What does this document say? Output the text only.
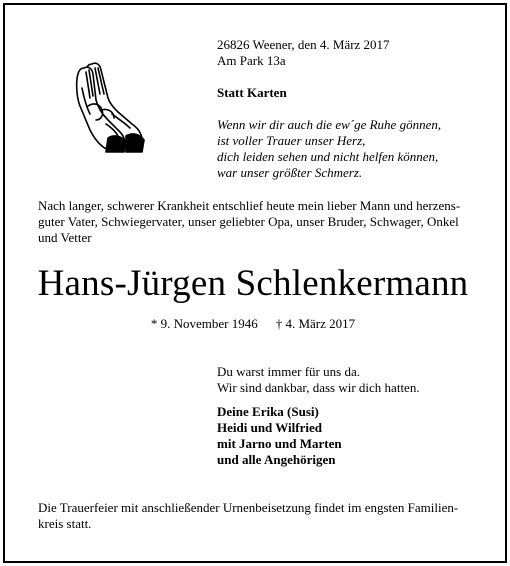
26826 Weener, den 4. März 2017
Am Park 13a
Statt Karten
Wenn wir dir auch die ew´ge Ruhe gönnen,
ist voller Trauer unser Herz,
dich leiden sehen und nicht helfen können,
war unser größter Schmerz.
Nach langer, schwerer Krankheit entschlief heute mein lieber Mann und herzens-
guter Vater, Schwiegervater, unser geliebter Opa, unser Bruder, Schwager, Onkel
und Vetter
Hans-Jürgen Schlenkermann
* 9. November 1946 † 4. März 2017
Du warst immer für uns da.
Wir sind dankbar, dass wir dich hatten.
Deine Erika (Susi)
Heidi und Wilfried
mit Jarno und Marten
und alle Angehörigen
Die Trauerfeier mit anschließender Urnenbeisetzung findet im engsten Familien-
kreis statt.
